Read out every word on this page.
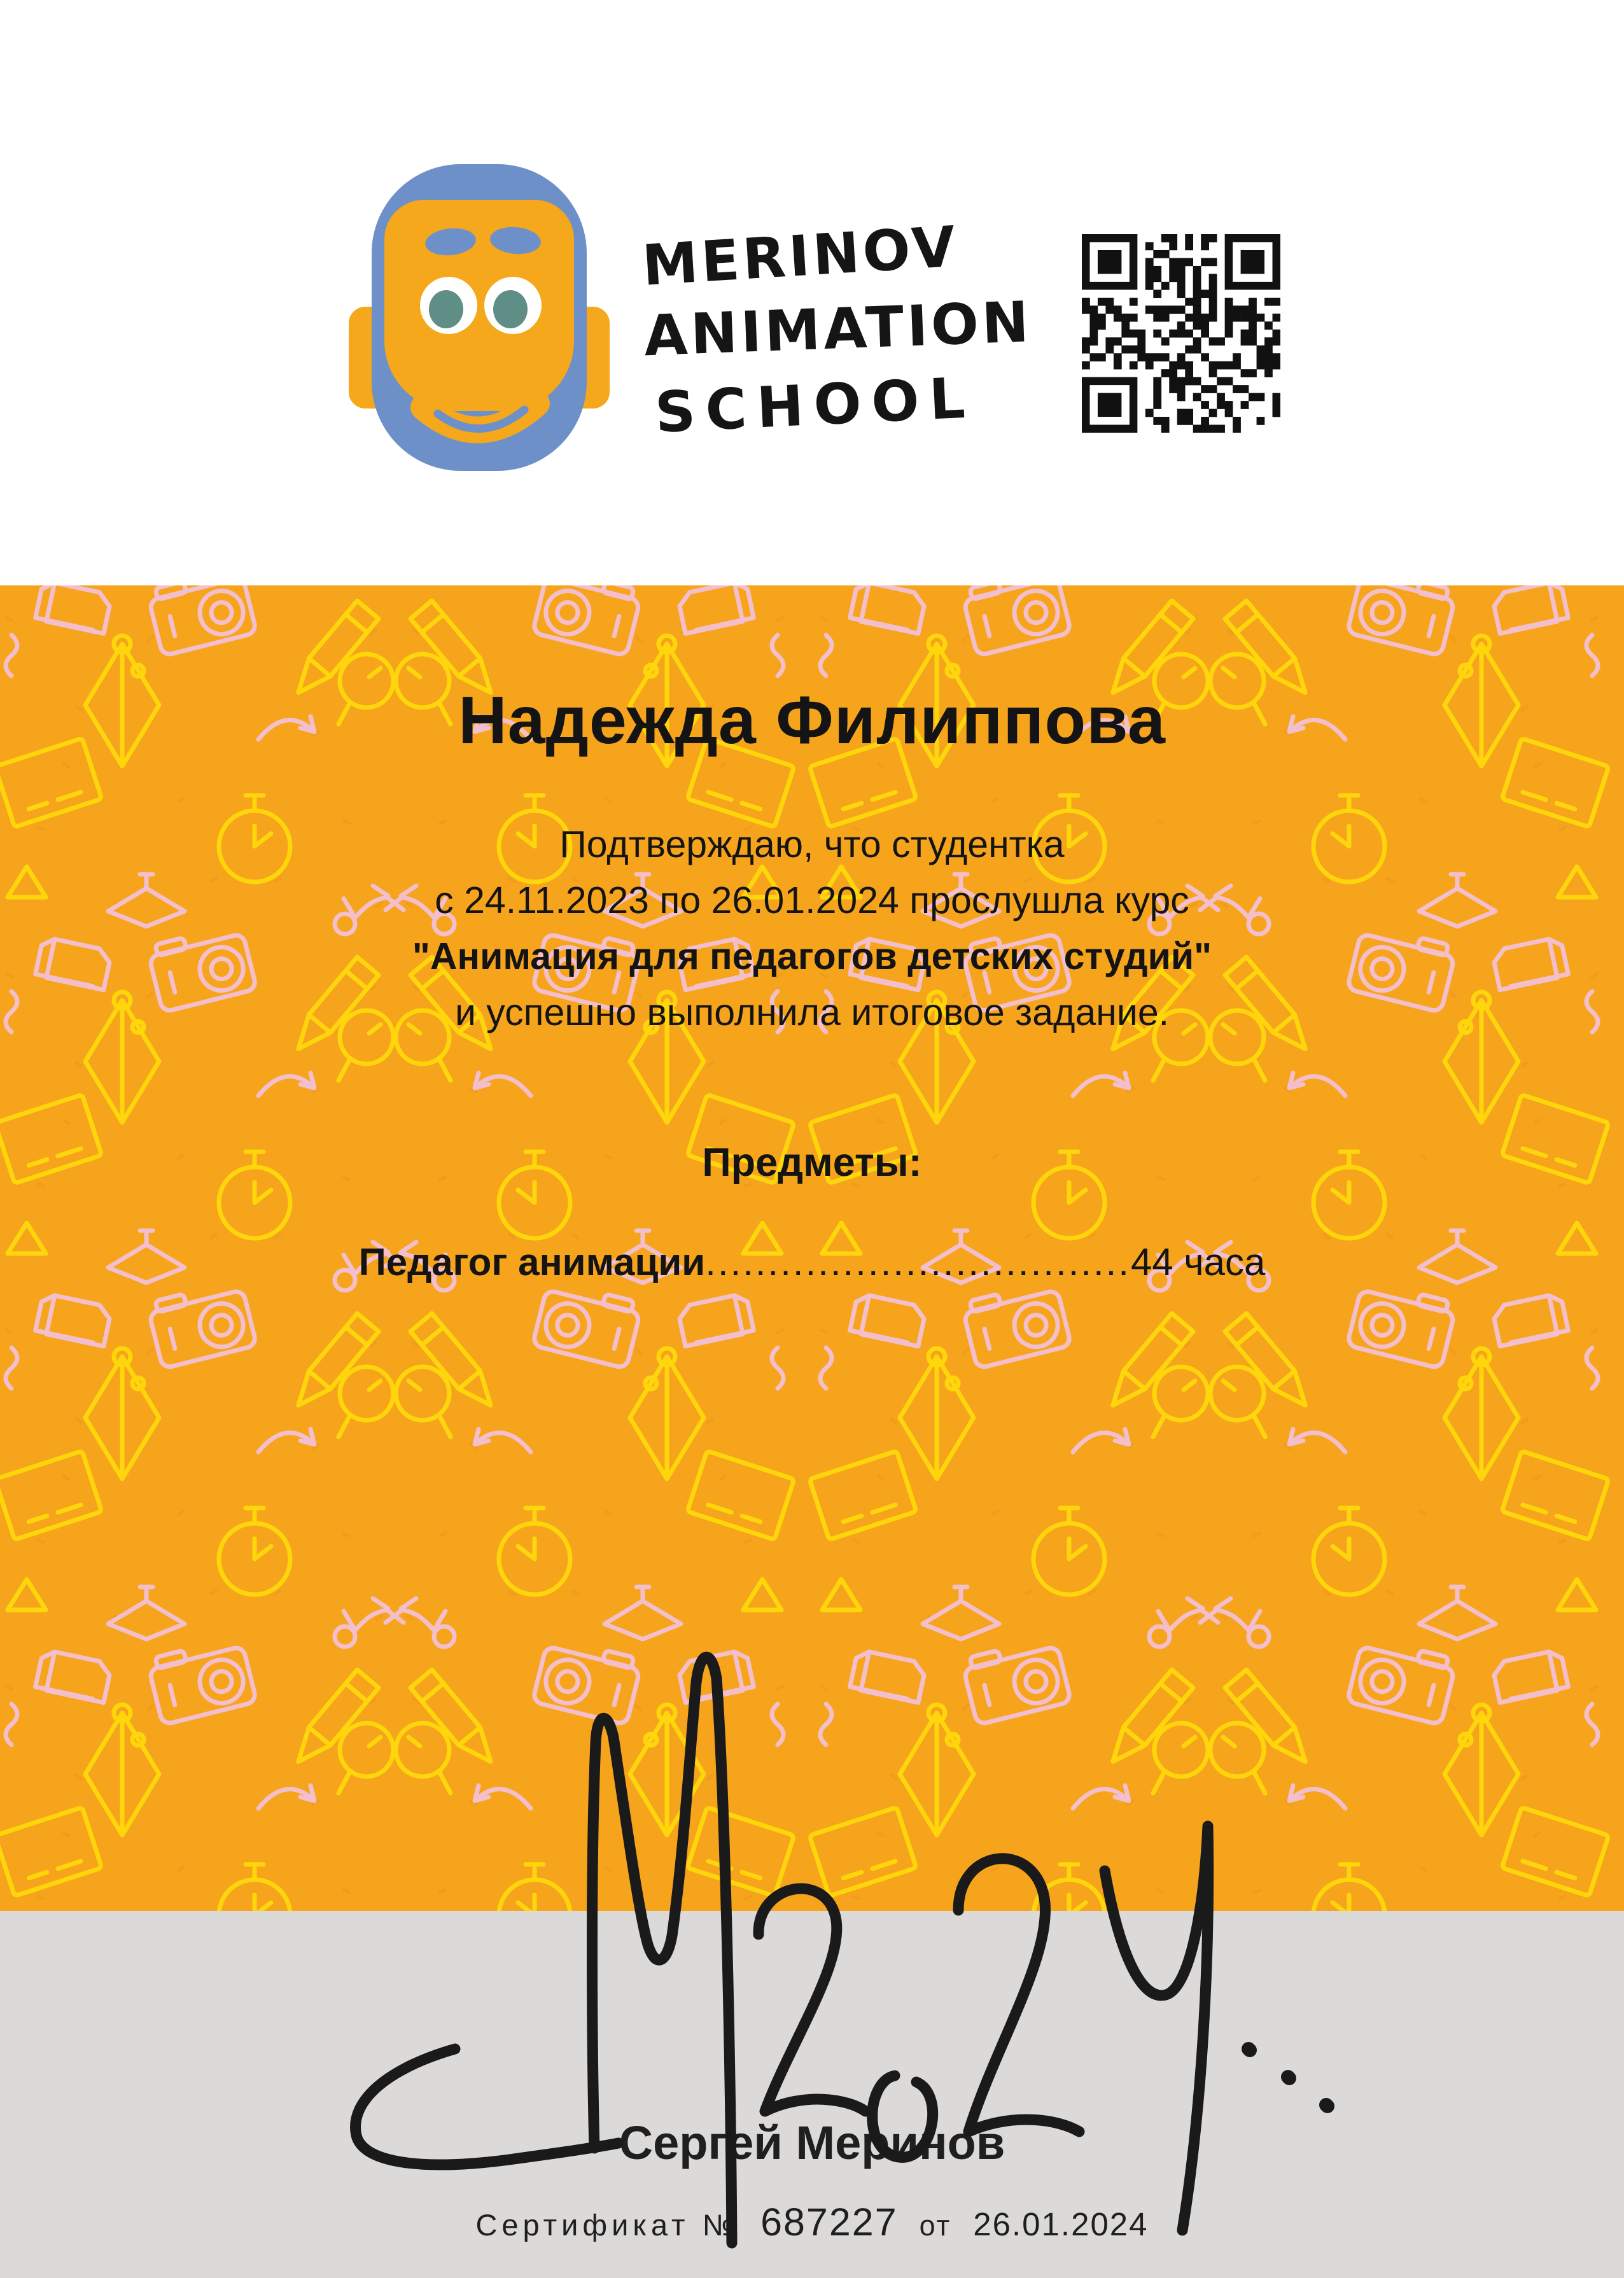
MERINOV
ANIMATION
SCHOOL
Надежда Филиппова
Подтверждаю, что студентка
с 24.11.2023 по 26.01.2024 прослушла курс
"Анимация для педагогов детских студий"
и успешно выполнила итоговое задание.
Предметы:
Педагог анимации..................................44 часа
Сергей Меринов
Сертификат № 687227 от 26.01.2024
